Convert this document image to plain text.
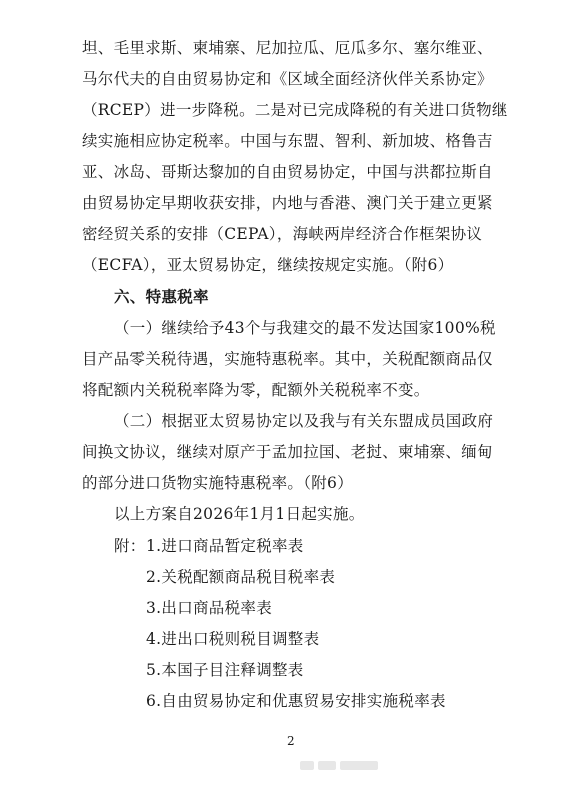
坦、毛里求斯、柬埔寨、尼加拉瓜、厄瓜多尔、塞尔维亚、
马尔代夫的自由贸易协定和《区域全面经济伙伴关系协定》
（RCEP）进一步降税。二是对已完成降税的有关进口货物继
续实施相应协定税率。中国与东盟、智利、新加坡、格鲁吉
亚、冰岛、哥斯达黎加的自由贸易协定，中国与洪都拉斯自
由贸易协定早期收获安排，内地与香港、澳门关于建立更紧
密经贸关系的安排（CEPA），海峡两岸经济合作框架协议
（ECFA），亚太贸易协定，继续按规定实施。（附6）
六、特惠税率
（一）继续给予43个与我建交的最不发达国家100%税
目产品零关税待遇，实施特惠税率。其中，关税配额商品仅
将配额内关税税率降为零，配额外关税税率不变。
（二）根据亚太贸易协定以及我与有关东盟成员国政府
间换文协议，继续对原产于孟加拉国、老挝、柬埔寨、缅甸
的部分进口货物实施特惠税率。（附6）
以上方案自2026年1月1日起实施。
附： 1.进口商品暂定税率表
2.关税配额商品税目税率表
3.出口商品税率表
4.进出口税则税目调整表
5.本国子目注释调整表
6.自由贸易协定和优惠贸易安排实施税率表
2
